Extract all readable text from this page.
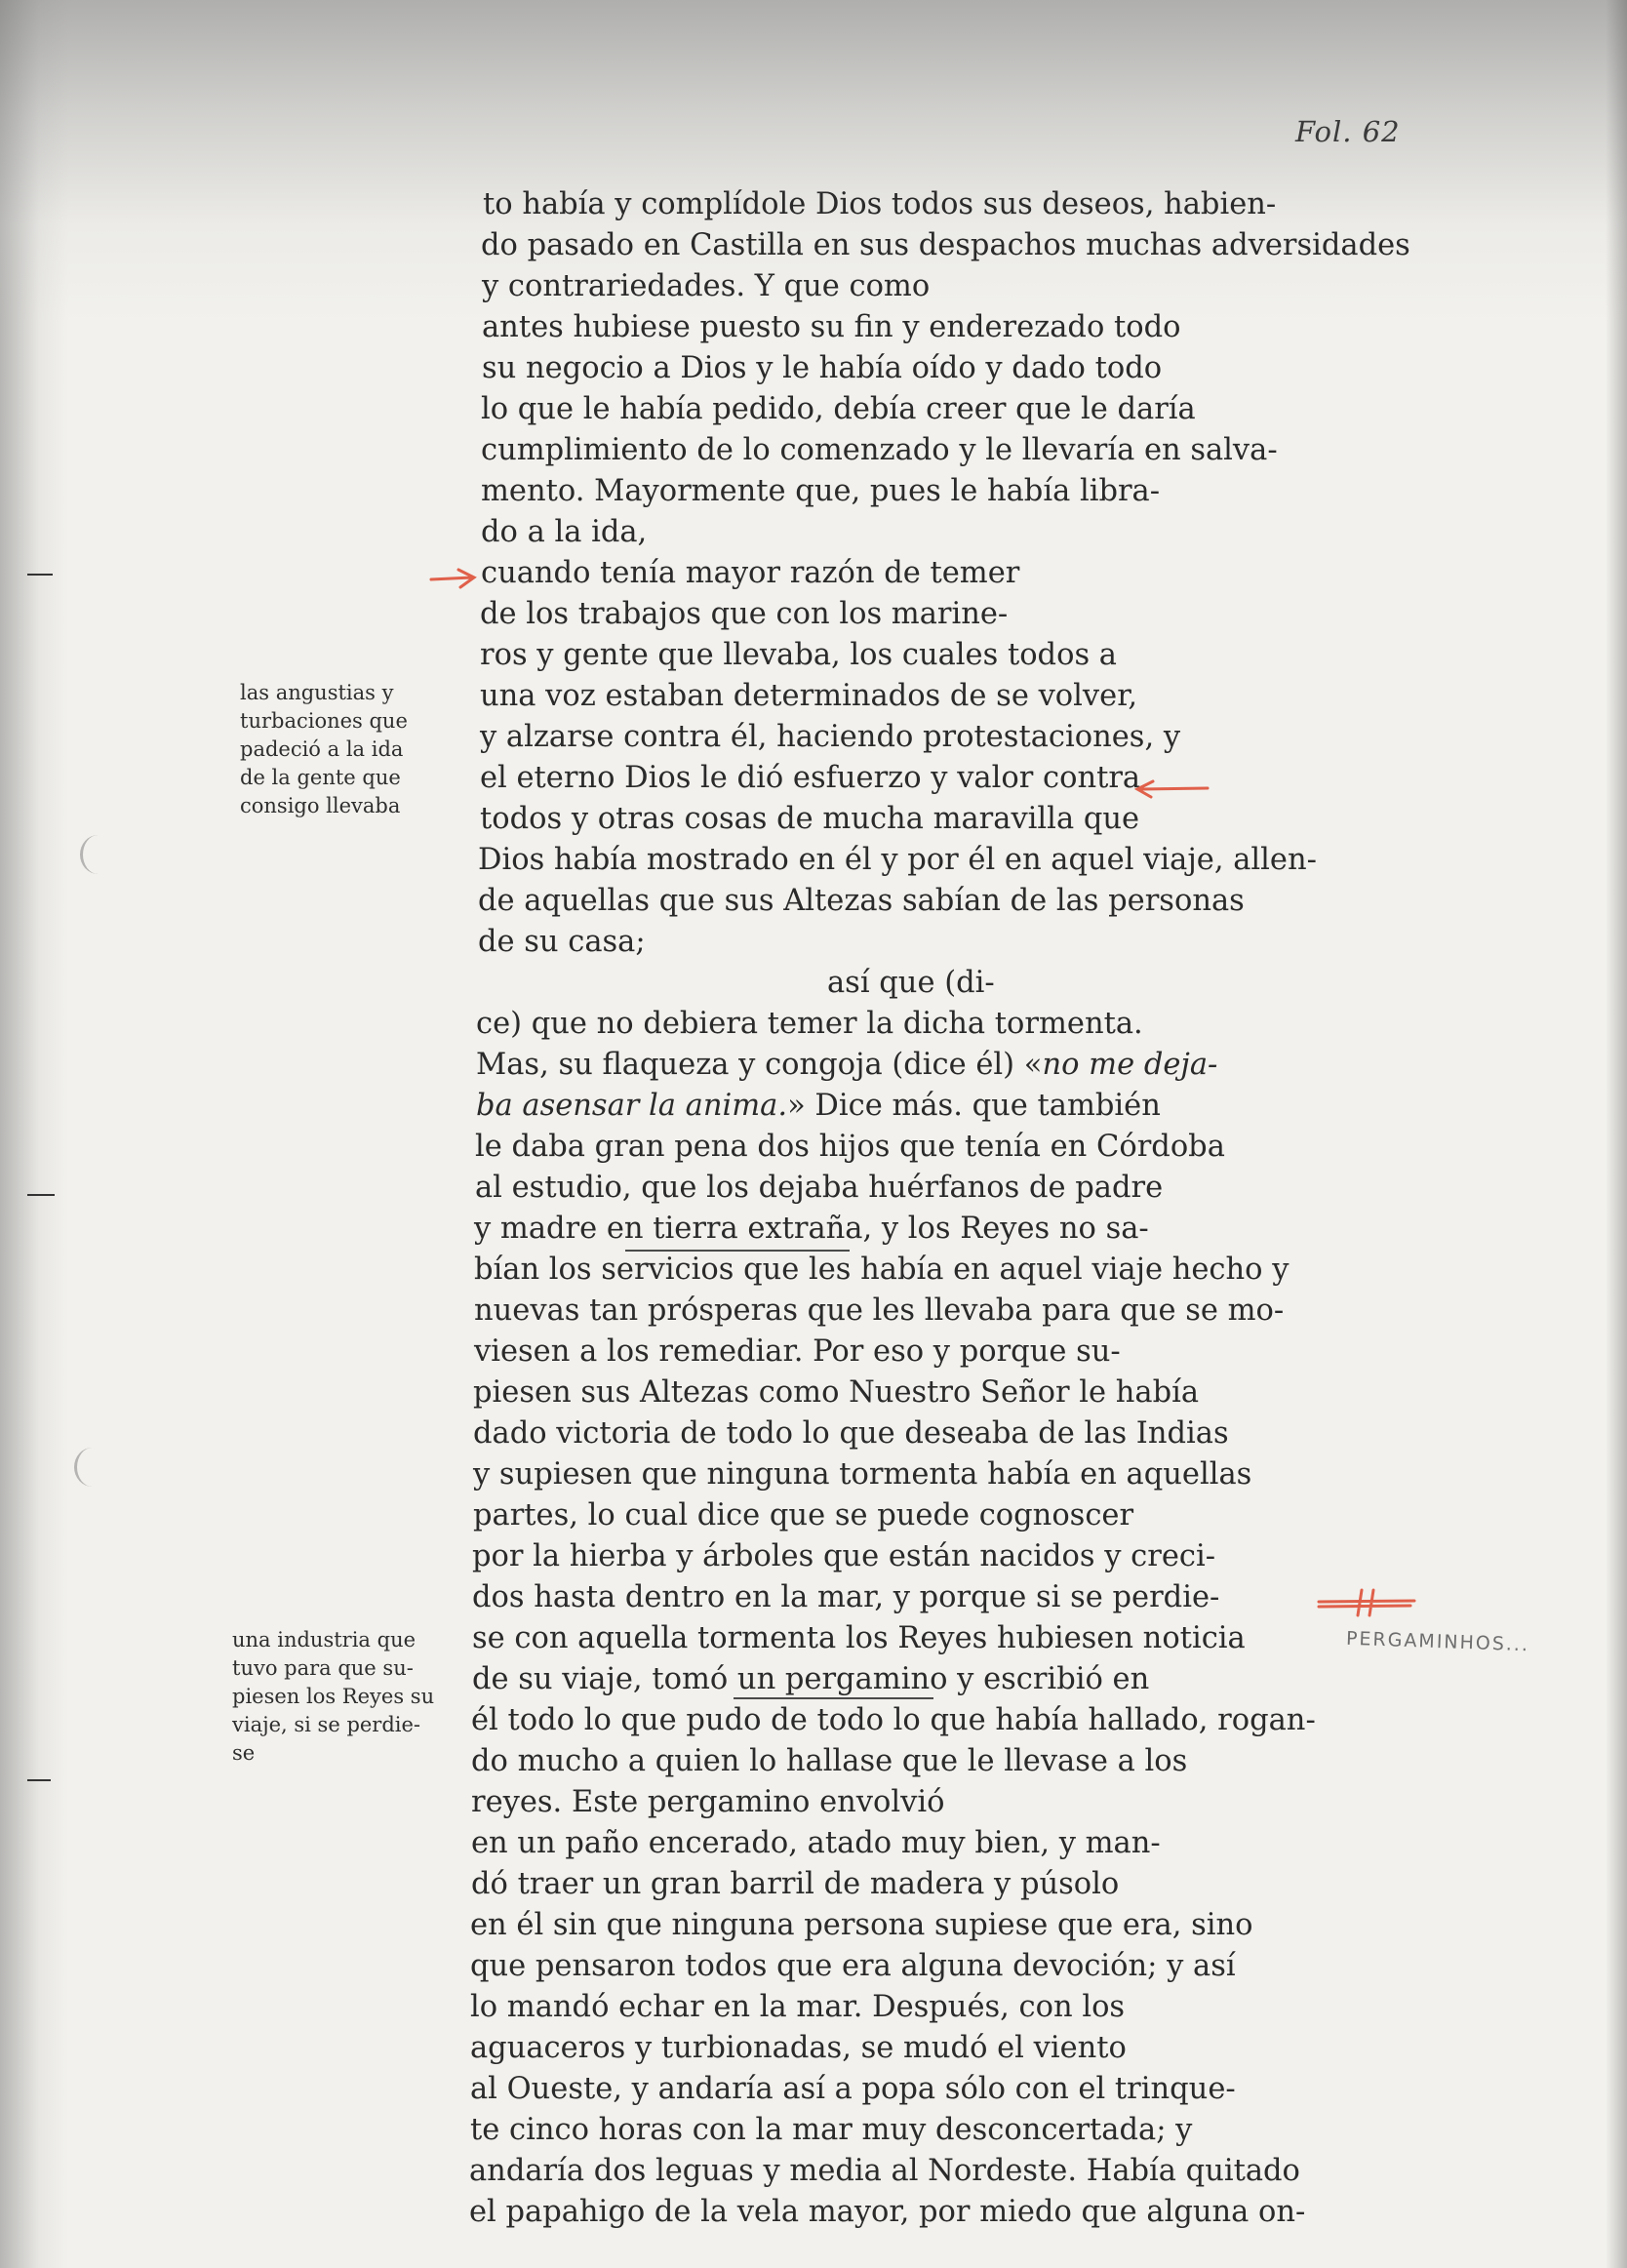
Fol. 62
to había y complídole Dios todos sus deseos, habien-
do pasado en Castilla en sus despachos muchas adversidades
y contrariedades. Y que como
antes hubiese puesto su fin y enderezado todo
su negocio a Dios y le había oído y dado todo
lo que le había pedido, debía creer que le daría
cumplimiento de lo comenzado y le llevaría en salva-
mento. Mayormente que, pues le había libra-
do a la ida,
cuando tenía mayor razón de temer
de los trabajos que con los marine-
ros y gente que llevaba, los cuales todos a
una voz estaban determinados de se volver,
y alzarse contra él, haciendo protestaciones, y
el eterno Dios le dió esfuerzo y valor contra
todos y otras cosas de mucha maravilla que
Dios había mostrado en él y por él en aquel viaje, allen-
de aquellas que sus Altezas sabían de las personas
de su casa;
así que (di-
ce) que no debiera temer la dicha tormenta.
Mas, su flaqueza y congoja (dice él) «no me deja-
ba asensar la anima.» Dice más. que también
le daba gran pena dos hijos que tenía en Córdoba
al estudio, que los dejaba huérfanos de padre
y madre en tierra extraña, y los Reyes no sa-
bían los servicios que les había en aquel viaje hecho y
nuevas tan prósperas que les llevaba para que se mo-
viesen a los remediar. Por eso y porque su-
piesen sus Altezas como Nuestro Señor le había
dado victoria de todo lo que deseaba de las Indias
y supiesen que ninguna tormenta había en aquellas
partes, lo cual dice que se puede cognoscer
por la hierba y árboles que están nacidos y creci-
dos hasta dentro en la mar, y porque si se perdie-
se con aquella tormenta los Reyes hubiesen noticia
de su viaje, tomó un pergamino y escribió en
él todo lo que pudo de todo lo que había hallado, rogan-
do mucho a quien lo hallase que le llevase a los
reyes. Este pergamino envolvió
en un paño encerado, atado muy bien, y man-
dó traer un gran barril de madera y púsolo
en él sin que ninguna persona supiese que era, sino
que pensaron todos que era alguna devoción; y así
lo mandó echar en la mar. Después, con los
aguaceros y turbionadas, se mudó el viento
al Oueste, y andaría así a popa sólo con el trinque-
te cinco horas con la mar muy desconcertada; y
andaría dos leguas y media al Nordeste. Había quitado
el papahigo de la vela mayor, por miedo que alguna on-
las angustias y
turbaciones que
padeció a la ida
de la gente que
consigo llevaba
una industria que
tuvo para que su-
piesen los Reyes su
viaje, si se perdie-
se
PERGAMINHOS...
